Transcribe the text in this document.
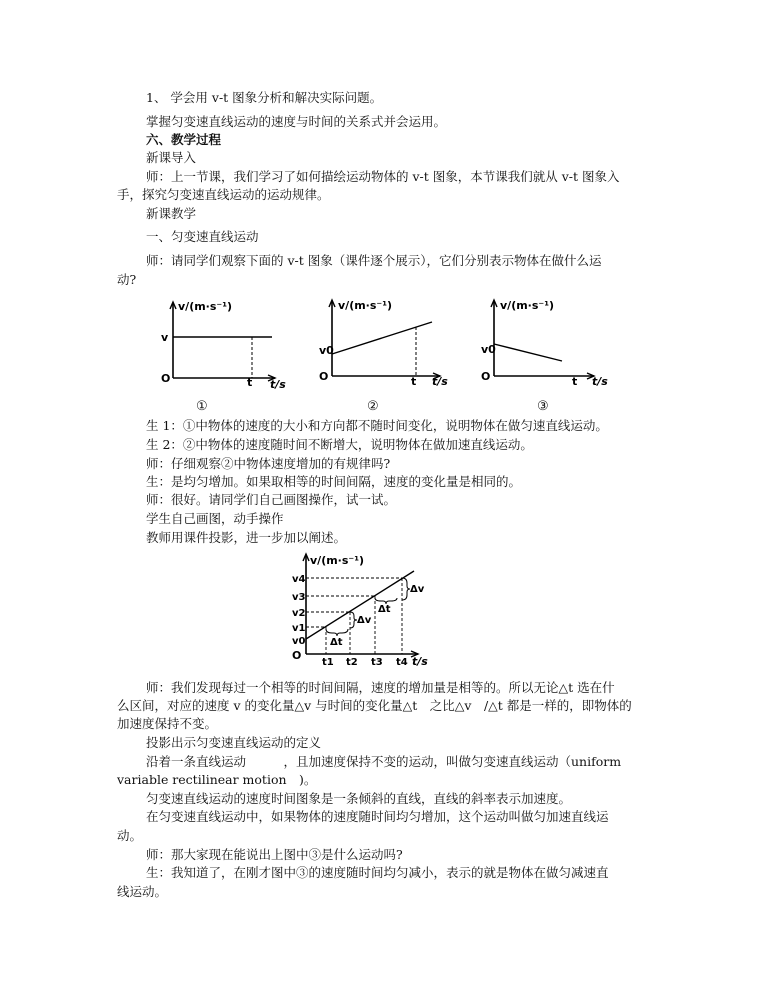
1、 学会用 v-t 图象分析和解决实际问题。
掌握匀变速直线运动的速度与时间的关系式并会运用。
六、教学过程
新课导入
师：上一节课，我们学习了如何描绘运动物体的 v-t 图象，本节课我们就从 v-t 图象入
手，探究匀变速直线运动的运动规律。
新课教学
一、匀变速直线运动
师：请同学们观察下面的 v-t 图象（课件逐个展示），它们分别表示物体在做什么运
动?
v/(m·s⁻¹)
v
O	t t/s
①
v/(m·s⁻¹)
v0
O	t t/s
②
v/(m·s⁻¹)
v0
O	t t/s
③
生 1：①中物体的速度的大小和方向都不随时间变化，说明物体在做匀速直线运动。
生 2：②中物体的速度随时间不断增大，说明物体在做加速直线运动。
师：仔细观察②中物体速度增加的有规律吗?
生：是均匀增加。如果取相等的时间间隔，速度的变化量是相同的。
师：很好。请同学们自己画图操作，试一试。
学生自己画图，动手操作
教师用课件投影，进一步加以阐述。
v/(m·s⁻¹)
v4
v3
v2
v1
v0
O
t1 t2 t3 t4 t/s
Δv
Δv
Δt
Δt
师：我们发现每过一个相等的时间间隔，速度的增加量是相等的。所以无论△t 选在什
么区间，对应的速度 v 的变化量△v 与时间的变化量△t　之比△v　/△t 都是一样的，即物体的
加速度保持不变。
投影出示匀变速直线运动的定义
沿着一条直线运动　　　，且加速度保持不变的运动，叫做匀变速直线运动（uniform
variable rectilinear motion　)。
匀变速直线运动的速度时间图象是一条倾斜的直线，直线的斜率表示加速度。
在匀变速直线运动中，如果物体的速度随时间均匀增加，这个运动叫做匀加速直线运
动。
师：那大家现在能说出上图中③是什么运动吗?
生：我知道了，在刚才图中③的速度随时间均匀减小，表示的就是物体在做匀减速直
线运动。
